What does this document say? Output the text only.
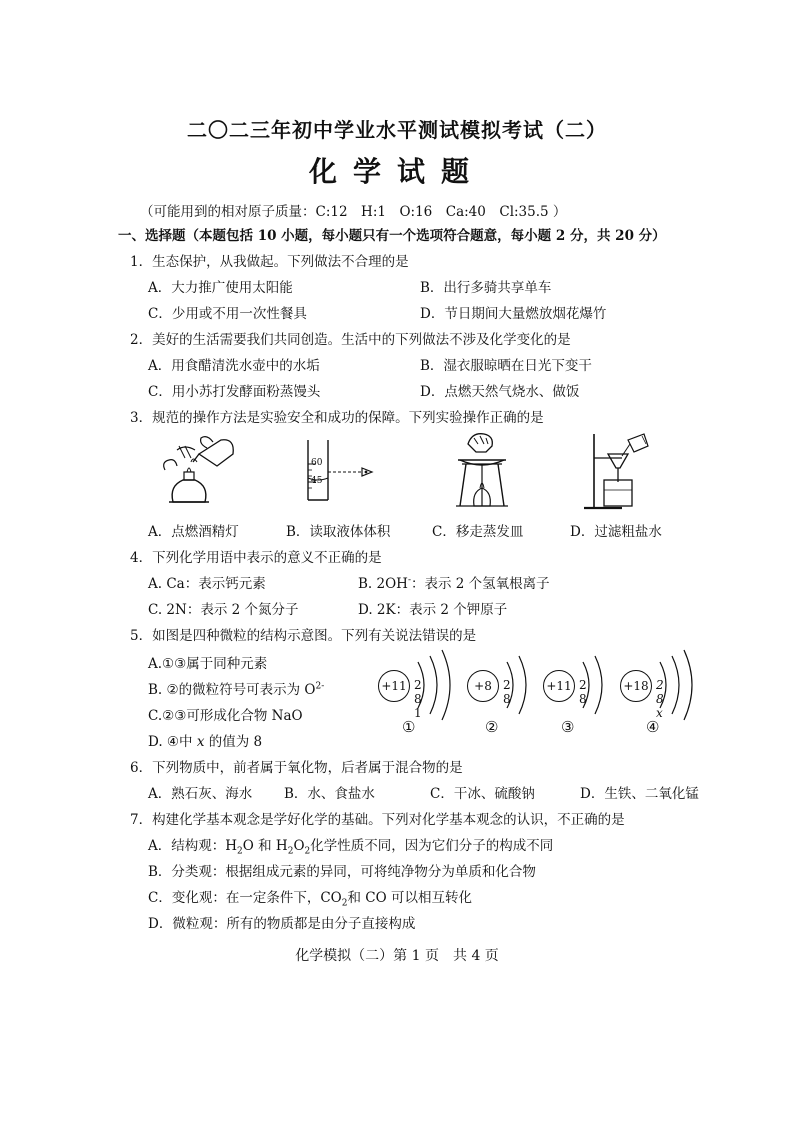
二〇二三年初中学业水平测试模拟考试（二）
化学试题
（可能用到的相对原子质量：C:12　H:1　O:16　Ca:40　Cl:35.5 ）
一、选择题（本题包括 10 小题，每小题只有一个选项符合题意，每小题 2 分，共 20 分）
1．生态保护，从我做起。下列做法不合理的是
A．大力推广使用太阳能	B．出行多骑共享单车
C．少用或不用一次性餐具	D．节日期间大量燃放烟花爆竹
2．美好的生活需要我们共同创造。生活中的下列做法不涉及化学变化的是
A．用食醋清洗水壶中的水垢	B．湿衣服晾晒在日光下变干
C．用小苏打发酵面粉蒸馒头	D．点燃天然气烧水、做饭
3．规范的操作方法是实验安全和成功的保障。下列实验操作正确的是
60
45
A．点燃酒精灯	B．读取液体体积	C．移走蒸发皿	D．过滤粗盐水
4．下列化学用语中表示的意义不正确的是
A. Ca：表示钙元素	B. 2OH-：表示 2 个氢氧根离子
C. 2N：表示 2 个氮分子	D. 2K：表示 2 个钾原子
5．如图是四种微粒的结构示意图。下列有关说法错误的是
A.①③属于同种元素
B. ②的微粒符号可表示为 $O^{2-}$
C.②③可形成化合物 NaO
D. ④中 x 的值为 8
+11 2 8 1
①
+8 2 8
②
+11 2 8
③
+18 2 8 x
④
6．下列物质中，前者属于氧化物，后者属于混合物的是
A．熟石灰、海水 B．水、食盐水	C．干冰、硫酸钠	D．生铁、二氧化锰
7．构建化学基本观念是学好化学的基础。下列对化学基本观念的认识，不正确的是
A．结构观：$H_2O$ 和 $H_2O_2$化学性质不同，因为它们分子的构成不同
B．分类观：根据组成元素的异同，可将纯净物分为单质和化合物
C．变化观：在一定条件下，$CO_2$和 CO 可以相互转化
D．微粒观：所有的物质都是由分子直接构成
化学模拟（二）第 1 页　共 4 页
